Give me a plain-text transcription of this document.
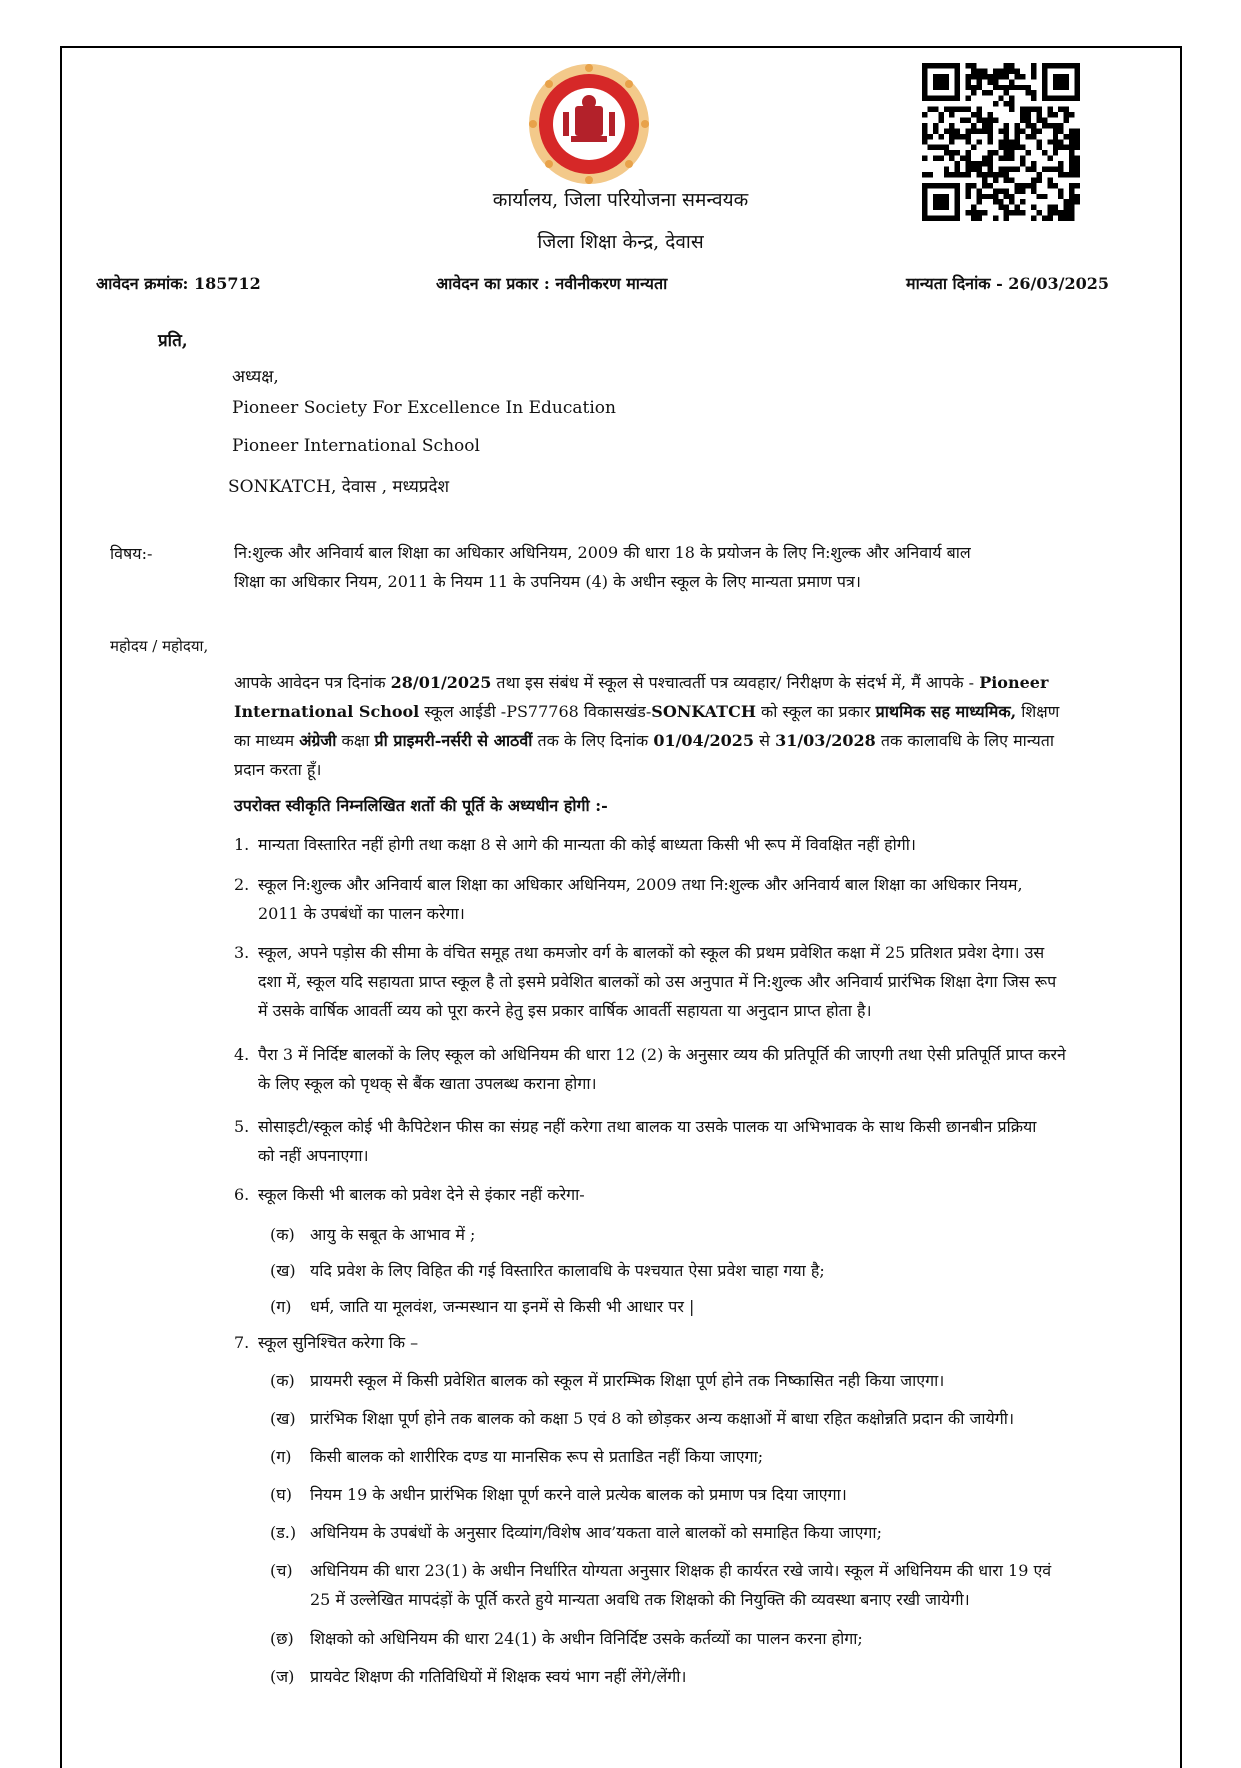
कार्यालय, जिला परियोजना समन्वयक
जिला शिक्षा केन्द्र, देवास
आवेदन क्रमांक: 185712	आवेदन का प्रकार : नवीनीकरण मान्यता	मान्यता दिनांक - 26/03/2025
प्रति,
अध्यक्ष,
Pioneer Society For Excellence In Education
Pioneer International School
SONKATCH, देवास , मध्यप्रदेश
विषय:-	नि:शुल्क और अनिवार्य बाल शिक्षा का अधिकार अधिनियम, 2009 की धारा 18 के प्रयोजन के लिए नि:शुल्क और अनिवार्य बाल
शिक्षा का अधिकार नियम, 2011 के नियम 11 के उपनियम (4) के अधीन स्कूल के लिए मान्यता प्रमाण पत्र।
महोदय / महोदया,
आपके आवेदन पत्र दिनांक 28/01/2025 तथा इस संबंध में स्कूल से पश्चात्वर्ती पत्र व्यवहार/ निरीक्षण के संदर्भ में, मैं आपके - Pioneer
International School स्कूल आईडी -PS77768 विकासखंड-SONKATCH को स्कूल का प्रकार प्राथमिक सह माध्यमिक, शिक्षण
का माध्यम अंग्रेजी कक्षा प्री प्राइमरी-नर्सरी से आठवीं तक के लिए दिनांक 01/04/2025 से 31/03/2028 तक कालावधि के लिए मान्यता
प्रदान करता हूँ।
उपरोक्त स्वीकृति निम्नलिखित शर्तो की पूर्ति के अध्यधीन होगी :-
1. मान्यता विस्तारित नहीं होगी तथा कक्षा 8 से आगे की मान्यता की कोई बाध्यता किसी भी रूप में विवक्षित नहीं होगी।
2. स्कूल नि:शुल्क और अनिवार्य बाल शिक्षा का अधिकार अधिनियम, 2009 तथा नि:शुल्क और अनिवार्य बाल शिक्षा का अधिकार नियम,
2011 के उपबंधों का पालन करेगा।
3. स्कूल, अपने पड़ोस की सीमा के वंचित समूह तथा कमजोर वर्ग के बालकों को स्कूल की प्रथम प्रवेशित कक्षा में 25 प्रतिशत प्रवेश देगा। उस
दशा में, स्कूल यदि सहायता प्राप्त स्कूल है तो इसमे प्रवेशित बालकों को उस अनुपात में नि:शुल्क और अनिवार्य प्रारंभिक शिक्षा देगा जिस रूप
में उसके वार्षिक आवर्ती व्यय को पूरा करने हेतु इस प्रकार वार्षिक आवर्ती सहायता या अनुदान प्राप्त होता है।
4. पैरा 3 में निर्दिष्ट बालकों के लिए स्कूल को अधिनियम की धारा 12 (2) के अनुसार व्यय की प्रतिपूर्ति की जाएगी तथा ऐसी प्रतिपूर्ति प्राप्त करने
के लिए स्कूल को पृथक् से बैंक खाता उपलब्ध कराना होगा।
5. सोसाइटी/स्कूल कोई भी कैपिटेशन फीस का संग्रह नहीं करेगा तथा बालक या उसके पालक या अभिभावक के साथ किसी छानबीन प्रक्रिया
को नहीं अपनाएगा।
6. स्कूल किसी भी बालक को प्रवेश देने से इंकार नहीं करेगा-
(क) आयु के सबूत के आभाव में ;
(ख) यदि प्रवेश के लिए विहित की गई विस्तारित कालावधि के पश्चयात ऐसा प्रवेश चाहा गया है;
(ग) धर्म, जाति या मूलवंश, जन्मस्थान या इनमें से किसी भी आधार पर |
7. स्कूल सुनिश्चित करेगा कि –
(क) प्रायमरी स्कूल में किसी प्रवेशित बालक को स्कूल में प्रारम्भिक शिक्षा पूर्ण होने तक निष्कासित नही किया जाएगा।
(ख) प्रारंभिक शिक्षा पूर्ण होने तक बालक को कक्षा 5 एवं 8 को छोड़कर अन्य कक्षाओं में बाधा रहित कक्षोन्नति प्रदान की जायेगी।
(ग) किसी बालक को शारीरिक दण्ड या मानसिक रूप से प्रताडित नहीं किया जाएगा;
(घ) नियम 19 के अधीन प्रारंभिक शिक्षा पूर्ण करने वाले प्रत्येक बालक को प्रमाण पत्र दिया जाएगा।
(ड.) अधिनियम के उपबंधों के अनुसार दिव्यांग/विशेष आव’यकता वाले बालकों को समाहित किया जाएगा;
(च) अधिनियम की धारा 23(1) के अधीन निर्धारित योग्यता अनुसार शिक्षक ही कार्यरत रखे जाये। स्कूल में अधिनियम की धारा 19 एवं
25 में उल्लेखित मापदंड़ों के पूर्ति करते हुये मान्यता अवधि तक शिक्षको की नियुक्ति की व्यवस्था बनाए रखी जायेगी।
(छ) शिक्षको को अधिनियम की धारा 24(1) के अधीन विनिर्दिष्ट उसके कर्तव्यों का पालन करना होगा;
(ज) प्रायवेट शिक्षण की गतिविधियों में शिक्षक स्वयं भाग नहीं लेंगे/लेंगी।
